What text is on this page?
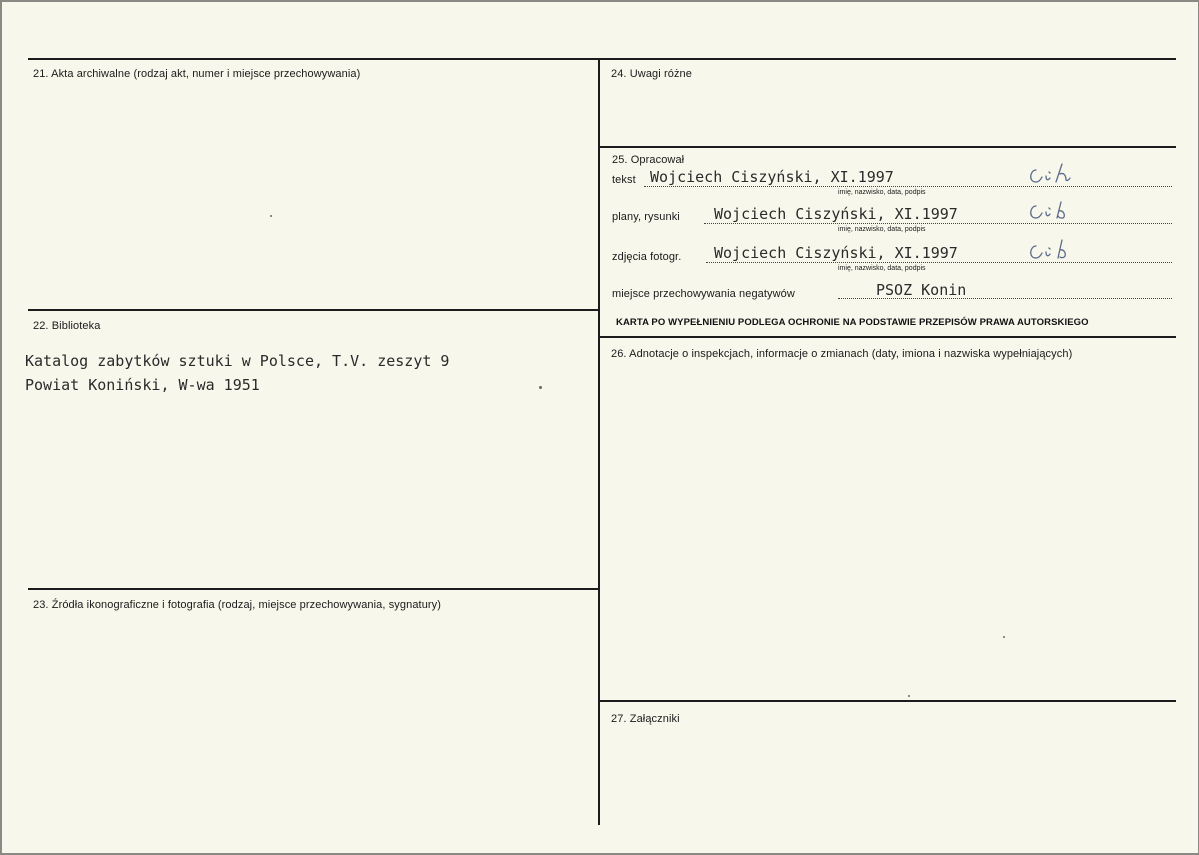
21. Akta archiwalne (rodzaj akt, numer i miejsce przechowywania)
22. Biblioteka
Katalog zabytków sztuki w Polsce, T.V. zeszyt 9
Powiat Koniński, W-wa 1951
23. Źródła ikonograficzne i fotografia (rodzaj, miejsce przechowywania, sygnatury)
24. Uwagi różne
25. Opracował
tekst Wojciech Ciszyński, XI.1997
imię, nazwisko, data, podpis
plany, rysunki Wojciech Ciszyński, XI.1997
imię, nazwisko, data, podpis
zdjęcia fotogr. Wojciech Ciszyński, XI.1997
imię, nazwisko, data, podpis
miejsce przechowywania negatywów	PSOZ Konin
KARTA PO WYPEŁNIENIU PODLEGA OCHRONIE NA PODSTAWIE PRZEPISÓW PRAWA AUTORSKIEGO
26. Adnotacje o inspekcjach, informacje o zmianach (daty, imiona i nazwiska wypełniających)
27. Załączniki
